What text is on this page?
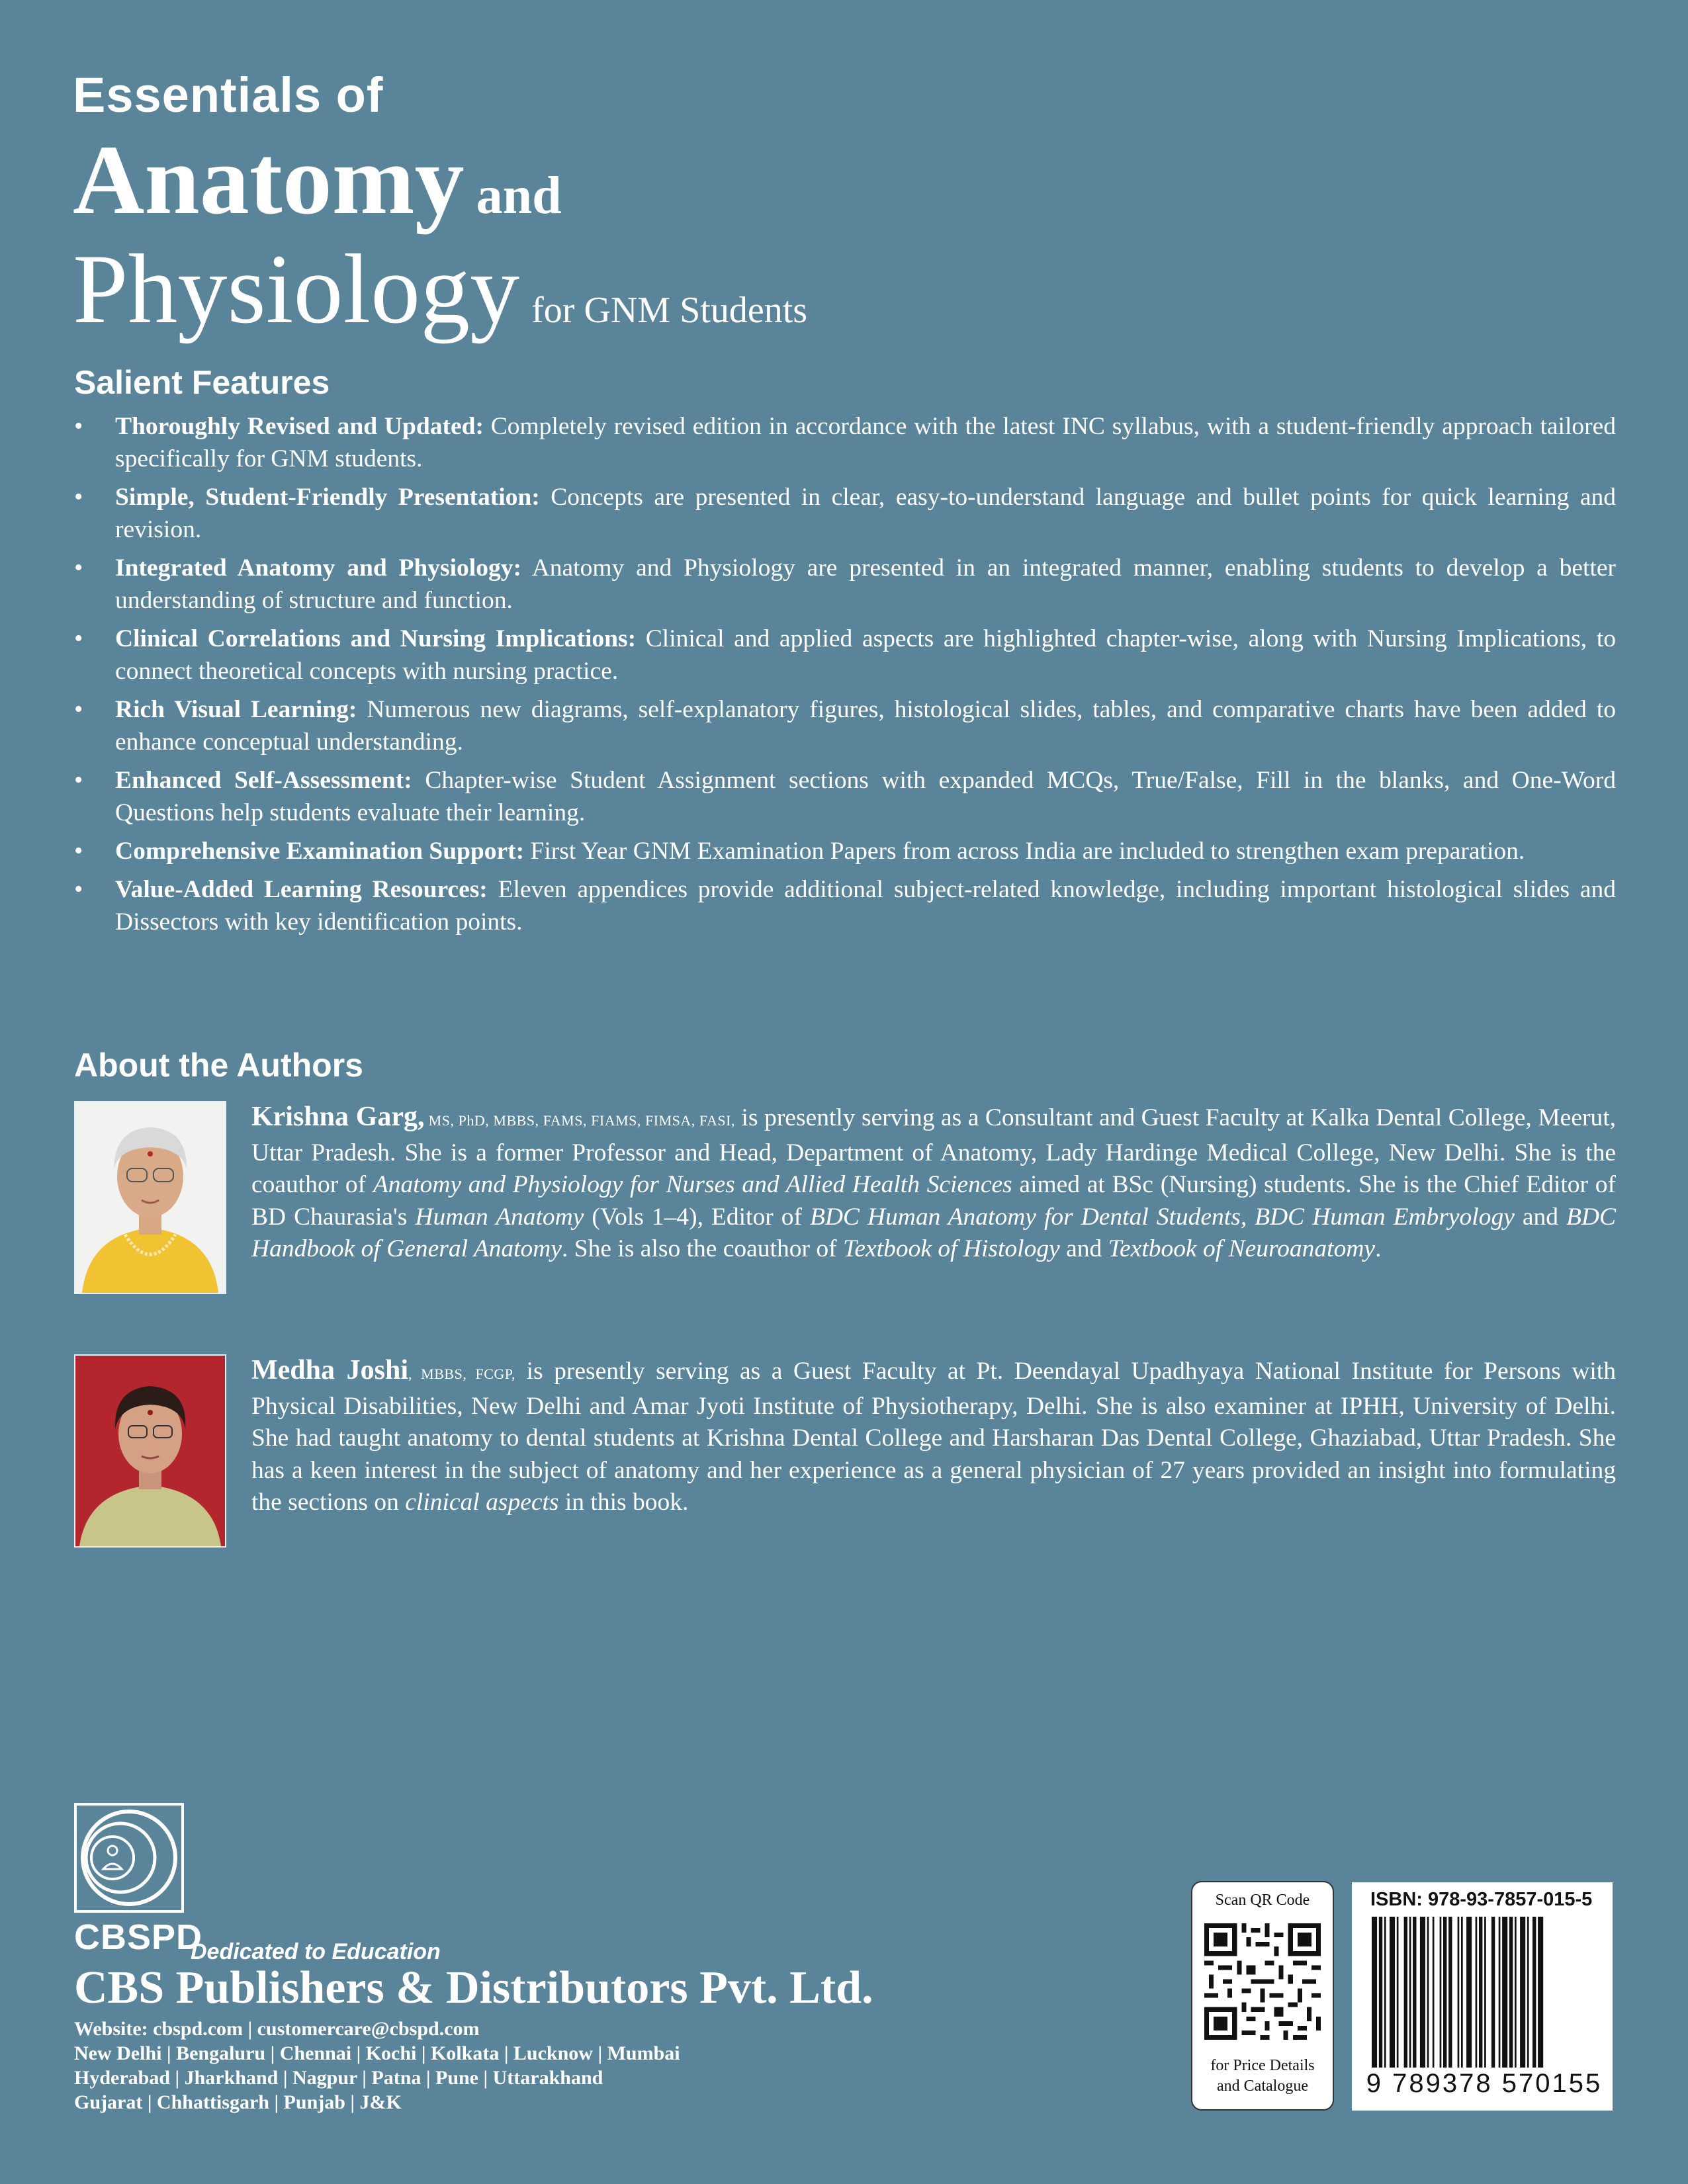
Essentials of
Anatomy and
Physiology for GNM Students
Salient Features
•	Thoroughly Revised and Updated: Completely revised edition in accordance with the latest INC syllabus, with a student-friendly approach tailored specifically for GNM students.
•	Simple, Student-Friendly Presentation: Concepts are presented in clear, easy-to-understand language and bullet points for quick learning and revision.
•	Integrated Anatomy and Physiology: Anatomy and Physiology are presented in an integrated manner, enabling students to develop a better understanding of structure and function.
•	Clinical Correlations and Nursing Implications: Clinical and applied aspects are highlighted chapter-wise, along with Nursing Implications, to connect theoretical concepts with nursing practice.
•	Rich Visual Learning: Numerous new diagrams, self-explanatory figures, histological slides, tables, and comparative charts have been added to enhance conceptual understanding.
•	Enhanced Self-Assessment: Chapter-wise Student Assignment sections with expanded MCQs, True/False, Fill in the blanks, and One-Word Questions help students evaluate their learning.
•	Comprehensive Examination Support: First Year GNM Examination Papers from across India are included to strengthen exam preparation.
•	Value-Added Learning Resources: Eleven appendices provide additional subject-related knowledge, including important histological slides and Dissectors with key identification points.
About the Authors
Krishna Garg, MS, PhD, MBBS, FAMS, FIAMS, FIMSA, FASI, is presently serving as a Consultant and Guest Faculty at Kalka Dental College, Meerut, Uttar Pradesh. She is a former Professor and Head, Department of Anatomy, Lady Hardinge Medical College, New Delhi. She is the coauthor of Anatomy and Physiology for Nurses and Allied Health Sciences aimed at BSc (Nursing) students. She is the Chief Editor of BD Chaurasia's Human Anatomy (Vols 1–4), Editor of BDC Human Anatomy for Dental Students, BDC Human Embryology and BDC Handbook of General Anatomy. She is also the coauthor of Textbook of Histology and Textbook of Neuroanatomy.
Medha Joshi, MBBS, FCGP, is presently serving as a Guest Faculty at Pt. Deendayal Upadhyaya National Institute for Persons with Physical Disabilities, New Delhi and Amar Jyoti Institute of Physiotherapy, Delhi. She is also examiner at IPHH, University of Delhi. She had taught anatomy to dental students at Krishna Dental College and Harsharan Das Dental College, Ghaziabad, Uttar Pradesh. She has a keen interest in the subject of anatomy and her experience as a general physician of 27 years provided an insight into formulating the sections on clinical aspects in this book.
CBSPD
Dedicated to Education
CBS Publishers & Distributors Pvt. Ltd.
Website: cbspd.com | customercare@cbspd.com
New Delhi | Bengaluru | Chennai | Kochi | Kolkata | Lucknow | Mumbai
Hyderabad | Jharkhand | Nagpur | Patna | Pune | Uttarakhand
Gujarat | Chhattisgarh | Punjab | J&K
Scan QR Code
for Price Details
and Catalogue
ISBN: 978-93-7857-015-5
9 789378 570155
